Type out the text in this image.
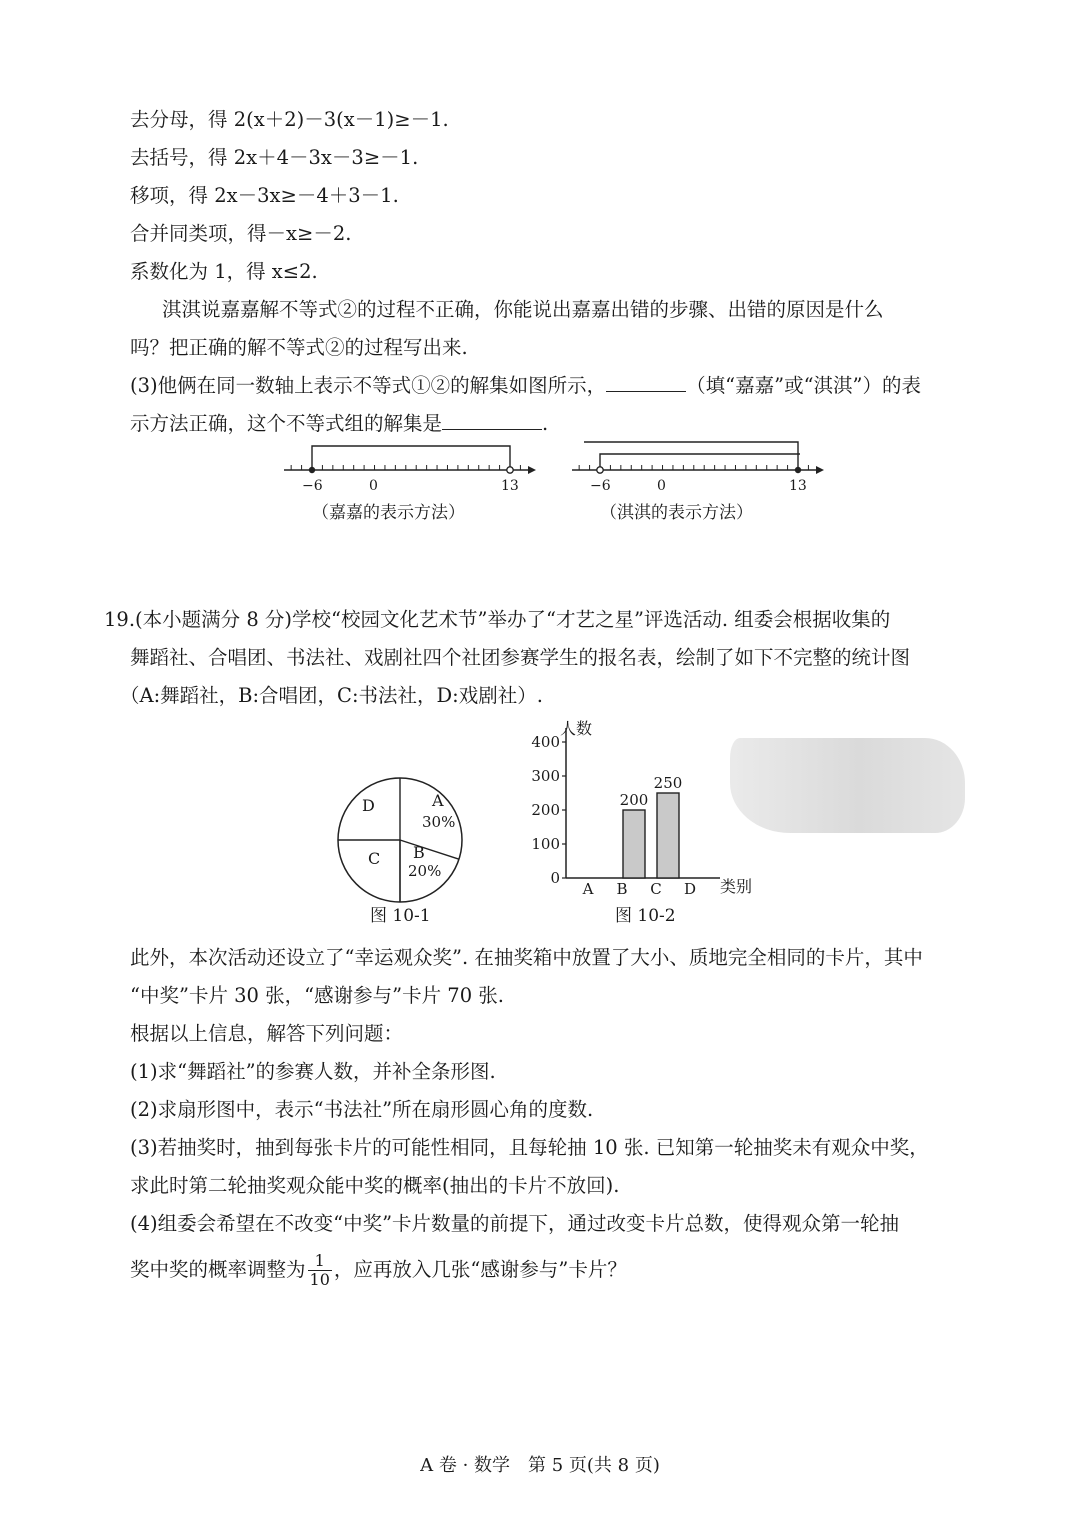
去分母，得 2(x＋2)－3(x－1)≥－1.
去括号，得 2x＋4－3x－3≥－1.
移项，得 2x－3x≥－4＋3－1.
合并同类项，得－x≥－2.
系数化为 1，得 x≤2.
淇淇说嘉嘉解不等式②的过程不正确，你能说出嘉嘉出错的步骤、出错的原因是什么
吗？把正确的解不等式②的过程写出来.
(3)他俩在同一数轴上表示不等式①②的解集如图所示，	（填“嘉嘉”或“淇淇”）的表
示方法正确，这个不等式组的解集是	.
−6	0	13
（嘉嘉的表示方法）
−6	0	13
（淇淇的表示方法）
19.(本小题满分 8 分)学校“校园文化艺术节”举办了“才艺之星”评选活动. 组委会根据收集的
舞蹈社、合唱团、书法社、戏剧社四个社团参赛学生的报名表，绘制了如下不完整的统计图
（A:舞蹈社，B:合唱团，C:书法社，D:戏剧社）.
D	A
30%
C B
20%
图 10-1
人数
类别
0
100
200
300
400
A B
200
C
250
D
图 10-2
此外，本次活动还设立了“幸运观众奖”. 在抽奖箱中放置了大小、质地完全相同的卡片，其中
“中奖”卡片 30 张，“感谢参与”卡片 70 张.
根据以上信息，解答下列问题：
(1)求“舞蹈社”的参赛人数，并补全条形图.
(2)求扇形图中，表示“书法社”所在扇形圆心角的度数.
(3)若抽奖时，抽到每张卡片的可能性相同，且每轮抽 10 张. 已知第一轮抽奖未有观众中奖，
求此时第二轮抽奖观众能中奖的概率(抽出的卡片不放回).
(4)组委会希望在不改变“中奖”卡片数量的前提下，通过改变卡片总数，使得观众第一轮抽
奖中奖的概率调整为 $\frac{1}{10}$ ，应再放入几张“感谢参与”卡片？
A 卷 · 数学　第 5 页(共 8 页)
